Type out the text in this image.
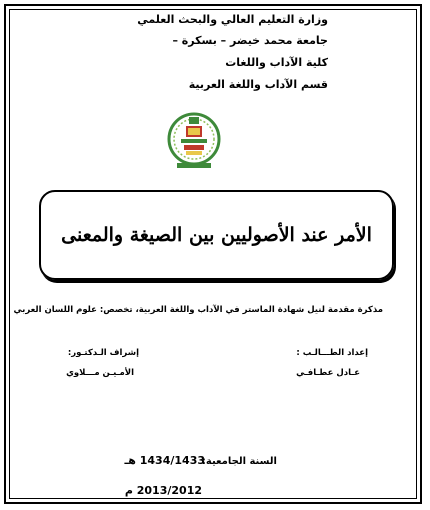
وزارة التعليم العالي والبحث العلمي
جامعة محمد خيضر – بسكرة –
كلية الآداب واللغات
قسم الآداب واللغة العربية
الأمر عند الأصوليين بين الصيغة والمعنى
مذكرة مقدمة لنيل شهادة الماستر في الآداب واللغة العربية، تخصص: علوم اللسان العربي
إعداد الطـــالـب :
عـادل عطـافـي
إشراف الـدكتـور:
الأمـيـن مـــلاوي
السنة الجامعية:
1434/1433 هـ
2013/2012 م
